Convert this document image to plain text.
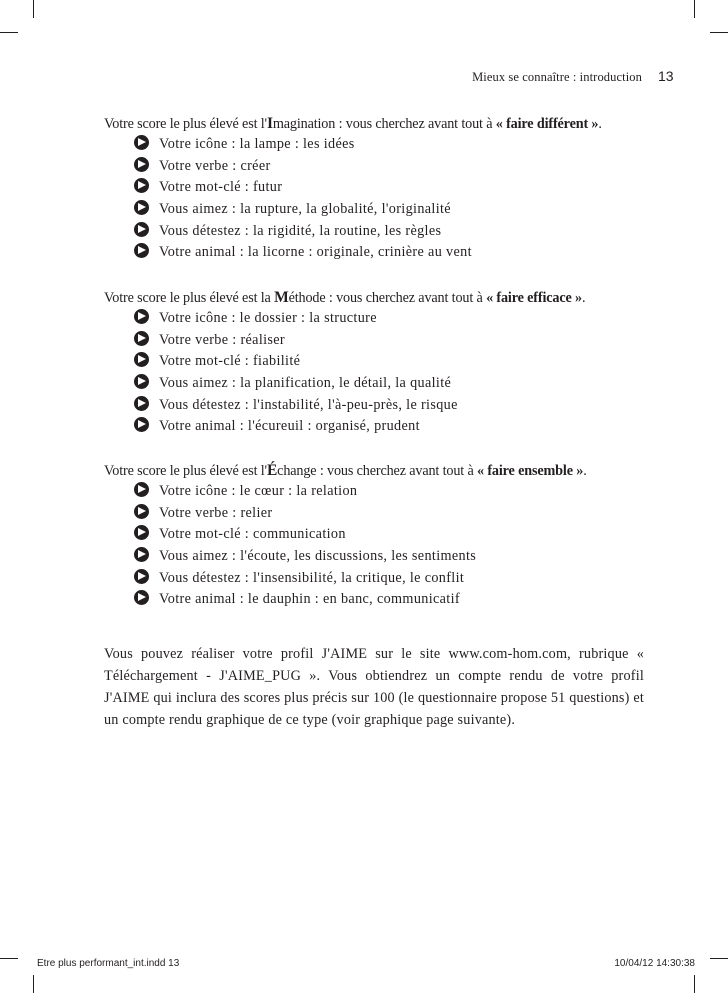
Mieux se connaître : introduction 13
Votre score le plus élevé est l'Imagination : vous cherchez avant tout à « faire différent ».
Votre icône : la lampe : les idées
Votre verbe : créer
Votre mot-clé : futur
Vous aimez : la rupture, la globalité, l'originalité
Vous détestez : la rigidité, la routine, les règles
Votre animal : la licorne : originale, crinière au vent
Votre score le plus élevé est la Méthode : vous cherchez avant tout à « faire efficace ».
Votre icône : le dossier : la structure
Votre verbe : réaliser
Votre mot-clé : fiabilité
Vous aimez : la planification, le détail, la qualité
Vous détestez : l'instabilité, l'à-peu-près, le risque
Votre animal : l'écureuil : organisé, prudent
Votre score le plus élevé est l'Échange : vous cherchez avant tout à « faire ensemble ».
Votre icône : le cœur : la relation
Votre verbe : relier
Votre mot-clé : communication
Vous aimez : l'écoute, les discussions, les sentiments
Vous détestez : l'insensibilité, la critique, le conflit
Votre animal : le dauphin : en banc, communicatif

Vous pouvez réaliser votre profil J'AIME sur le site www.com-hom.com, rubrique « Téléchargement - J'AIME_PUG ». Vous obtiendrez un compte rendu de votre profil J'AIME qui inclura des scores plus précis sur 100 (le questionnaire propose 51 questions) et un compte rendu graphique de ce type (voir graphique page suivante).

Etre plus performant_int.indd 13	10/04/12 14:30:38
